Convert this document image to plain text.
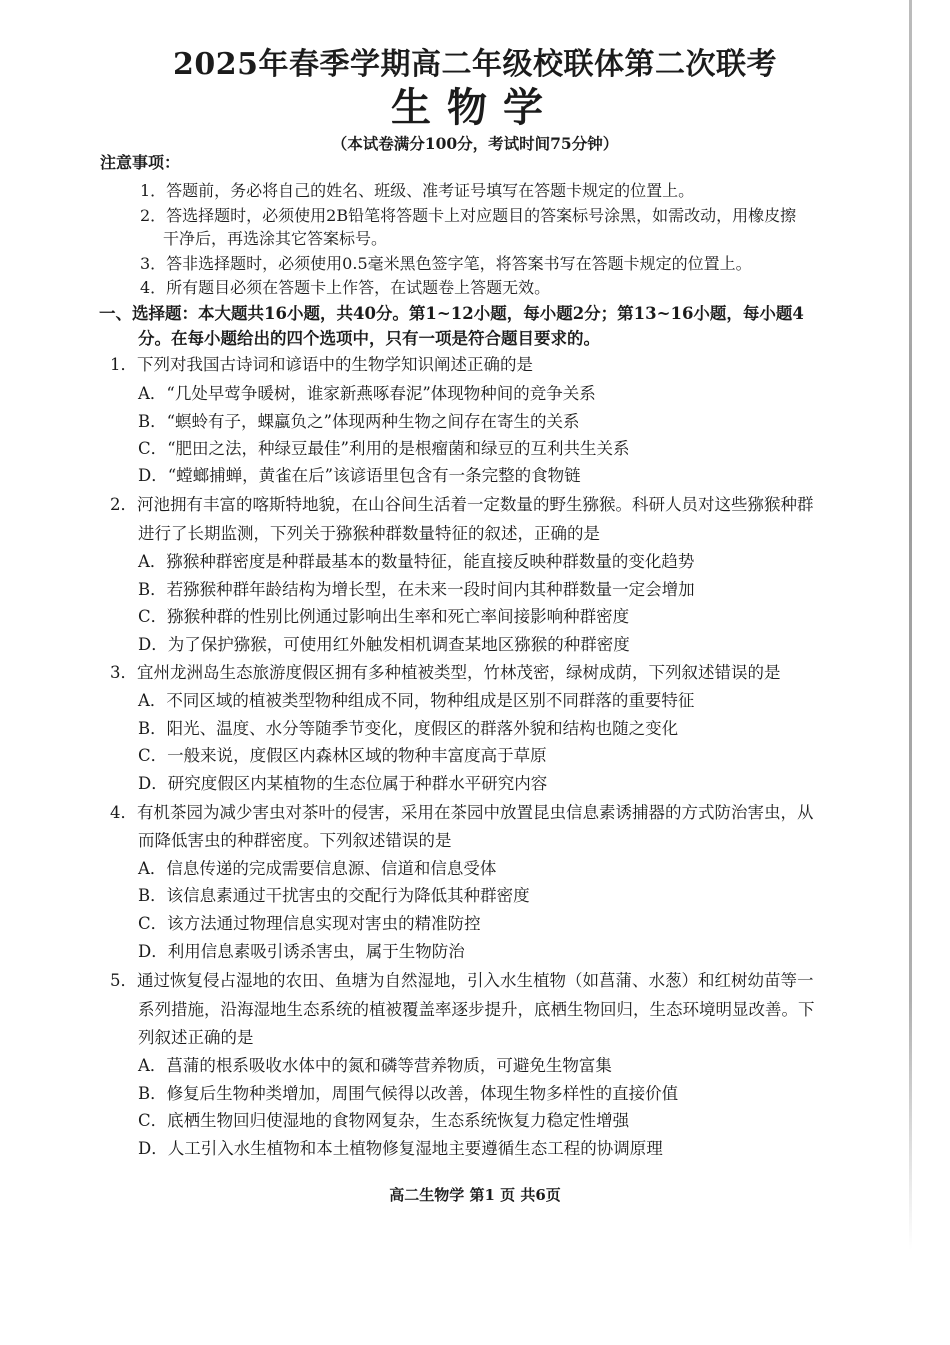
2025年春季学期高二年级校联体第二次联考
生物学
（本试卷满分100分，考试时间75分钟）
注意事项：
1．答题前，务必将自己的姓名、班级、准考证号填写在答题卡规定的位置上。
2．答选择题时，必须使用2B铅笔将答题卡上对应题目的答案标号涂黑，如需改动，用橡皮擦
干净后，再选涂其它答案标号。
3．答非选择题时，必须使用0.5毫米黑色签字笔，将答案书写在答题卡规定的位置上。
4．所有题目必须在答题卡上作答，在试题卷上答题无效。
一、选择题：本大题共16小题，共40分。第1~12小题，每小题2分；第13~16小题，每小题4
分。在每小题给出的四个选项中，只有一项是符合题目要求的。
1．下列对我国古诗词和谚语中的生物学知识阐述正确的是
A．“几处早莺争暖树，谁家新燕啄春泥”体现物种间的竞争关系
B．“螟蛉有子，蜾蠃负之”体现两种生物之间存在寄生的关系
C．“肥田之法，种绿豆最佳”利用的是根瘤菌和绿豆的互利共生关系
D．“螳螂捕蝉，黄雀在后”该谚语里包含有一条完整的食物链
2．河池拥有丰富的喀斯特地貌，在山谷间生活着一定数量的野生猕猴。科研人员对这些猕猴种群
进行了长期监测，下列关于猕猴种群数量特征的叙述，正确的是
A．猕猴种群密度是种群最基本的数量特征，能直接反映种群数量的变化趋势
B．若猕猴种群年龄结构为增长型，在未来一段时间内其种群数量一定会增加
C．猕猴种群的性别比例通过影响出生率和死亡率间接影响种群密度
D．为了保护猕猴，可使用红外触发相机调查某地区猕猴的种群密度
3．宜州龙洲岛生态旅游度假区拥有多种植被类型，竹林茂密，绿树成荫，下列叙述错误的是
A．不同区域的植被类型物种组成不同，物种组成是区别不同群落的重要特征
B．阳光、温度、水分等随季节变化，度假区的群落外貌和结构也随之变化
C．一般来说，度假区内森林区域的物种丰富度高于草原
D．研究度假区内某植物的生态位属于种群水平研究内容
4．有机茶园为减少害虫对茶叶的侵害，采用在茶园中放置昆虫信息素诱捕器的方式防治害虫，从
而降低害虫的种群密度。下列叙述错误的是
A．信息传递的完成需要信息源、信道和信息受体
B．该信息素通过干扰害虫的交配行为降低其种群密度
C．该方法通过物理信息实现对害虫的精准防控
D．利用信息素吸引诱杀害虫，属于生物防治
5．通过恢复侵占湿地的农田、鱼塘为自然湿地，引入水生植物（如菖蒲、水葱）和红树幼苗等一
系列措施，沿海湿地生态系统的植被覆盖率逐步提升，底栖生物回归，生态环境明显改善。下
列叙述正确的是
A．菖蒲的根系吸收水体中的氮和磷等营养物质，可避免生物富集
B．修复后生物种类增加，周围气候得以改善，体现生物多样性的直接价值
C．底栖生物回归使湿地的食物网复杂，生态系统恢复力稳定性增强
D．人工引入水生植物和本土植物修复湿地主要遵循生态工程的协调原理
高二生物学 第1 页 共6页
